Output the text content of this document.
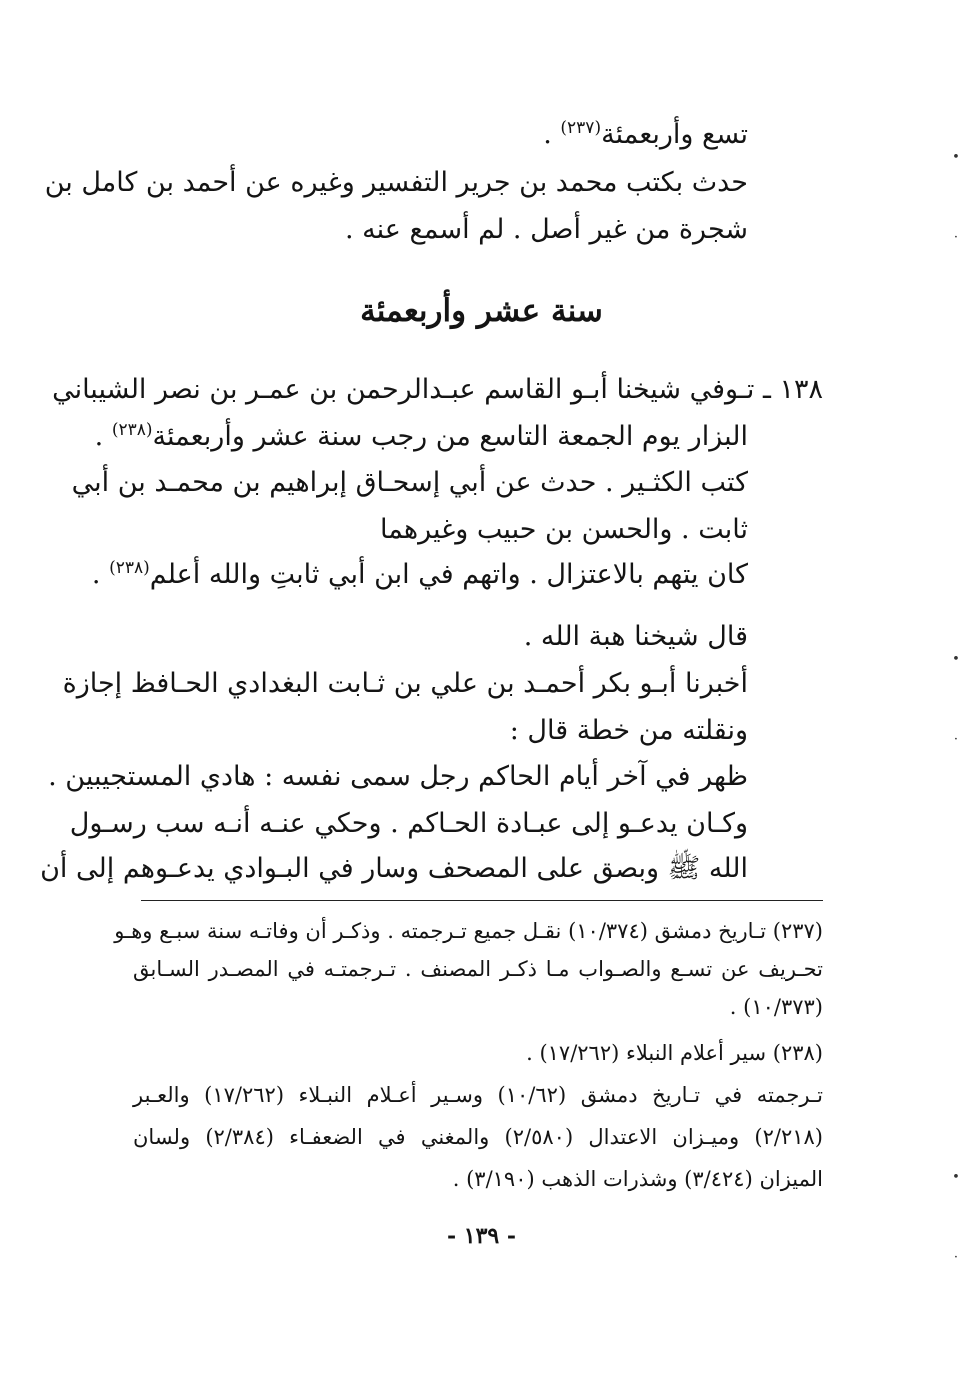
تسع وأربعمئة$^{(٢٣٧)}$ .
حدث بكتب محمد بن جرير التفسير وغيره عن أحمد بن كامل بن
شجرة من غير أصل . لم أسمع عنه .
سنة عشر وأربعمئة
١٣٨ ـ تـوفي شيخنا أبـو القاسم عبـدالرحمن بن عمـر بن نصر الشيباني
البزار يوم الجمعة التاسع من رجب سنة عشر وأربعمئة$^{(٢٣٨)}$ .
كتب الكثـير . حدث عن أبي إسحـاق إبراهيم بن محمـد بن أبي
ثابت . والحسن بن حبيب وغيرهما
كان يتهم بالاعتزال . واتهم في ابن أبي ثابتِ والله أعلم$^{(٢٣٨)}$ .
قال شيخنا هبة الله .
أخبرنا أبـو بكر أحمـد بن علي بن ثـابت البغدادي الحـافظ إجازة
ونقلته من خطة قال :
ظهر في آخر أيام الحاكم رجل سمى نفسه : هادي المستجيبين .
وكـان يدعـو إلى عبـادة الحـاكم . وحكي عنـه أنـه سب رسـول
الله ﷺ وبصق على المصحف وسار في البـوادي يدعـوهم إلى أن
(٢٣٧) تـاريخ دمشق (١٠/٣٧٤) نقـل جميع تـرجمته . وذكـر أن وفاتـه سنة سبـع وهـو
تحـريف عن تسـع والصـواب مـا ذكـر المصنف . تـرجمتـه في المصـدر السـابق
(١٠/٣٧٣) .
(٢٣٨) سير أعلام النبلاء (١٧/٢٦٢) .
تـرجمته في تـاريخ دمشق (١٠/٦٢) وسـير أعـلام النبـلاء (١٧/٢٦٢) والعـبر
(٢/٢١٨) وميـزان الاعتدال (٢/٥٨٠) والمغني في الضعفـاء (٢/٣٨٤) ولسان
الميزان (٣/٤٢٤) وشذرات الذهب (٣/١٩٠) .
- ١٣٩ -
•
·
•
·
•
·
